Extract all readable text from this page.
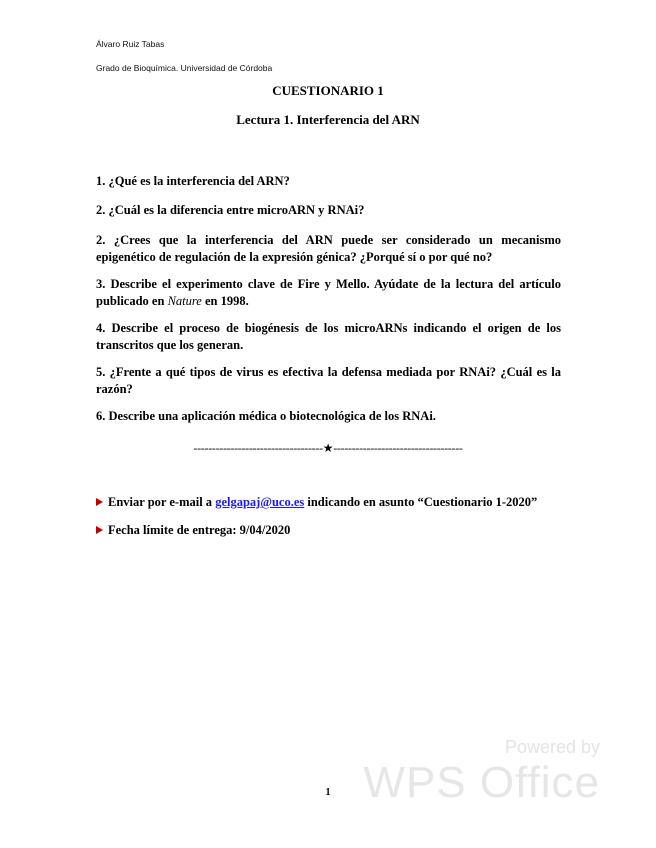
Álvaro Ruiz Tabas
Grado de Bioquímica. Universidad de Córdoba
CUESTIONARIO 1
Lectura 1. Interferencia del ARN
1. ¿Qué es la interferencia del ARN?
2. ¿Cuál es la diferencia entre microARN y RNAi?
2. ¿Crees que la interferencia del ARN puede ser considerado un mecanismo epigenético de regulación de la expresión génica? ¿Porqué sí o por qué no?
3. Describe el experimento clave de Fire y Mello. Ayúdate de la lectura del artículo publicado en Nature en 1998.
4. Describe el proceso de biogénesis de los microARNs indicando el origen de los transcritos que los generan.
5. ¿Frente a qué tipos de virus es efectiva la defensa mediada por RNAi? ¿Cuál es la razón?
6. Describe una aplicación médica o biotecnológica de los RNAi.
-----------------------------------★-----------------------------------
Enviar por e-mail a gelgapaj@uco.es indicando en asunto “Cuestionario 1-2020”
Fecha límite de entrega: 9/04/2020
Powered by
WPS Office
1
